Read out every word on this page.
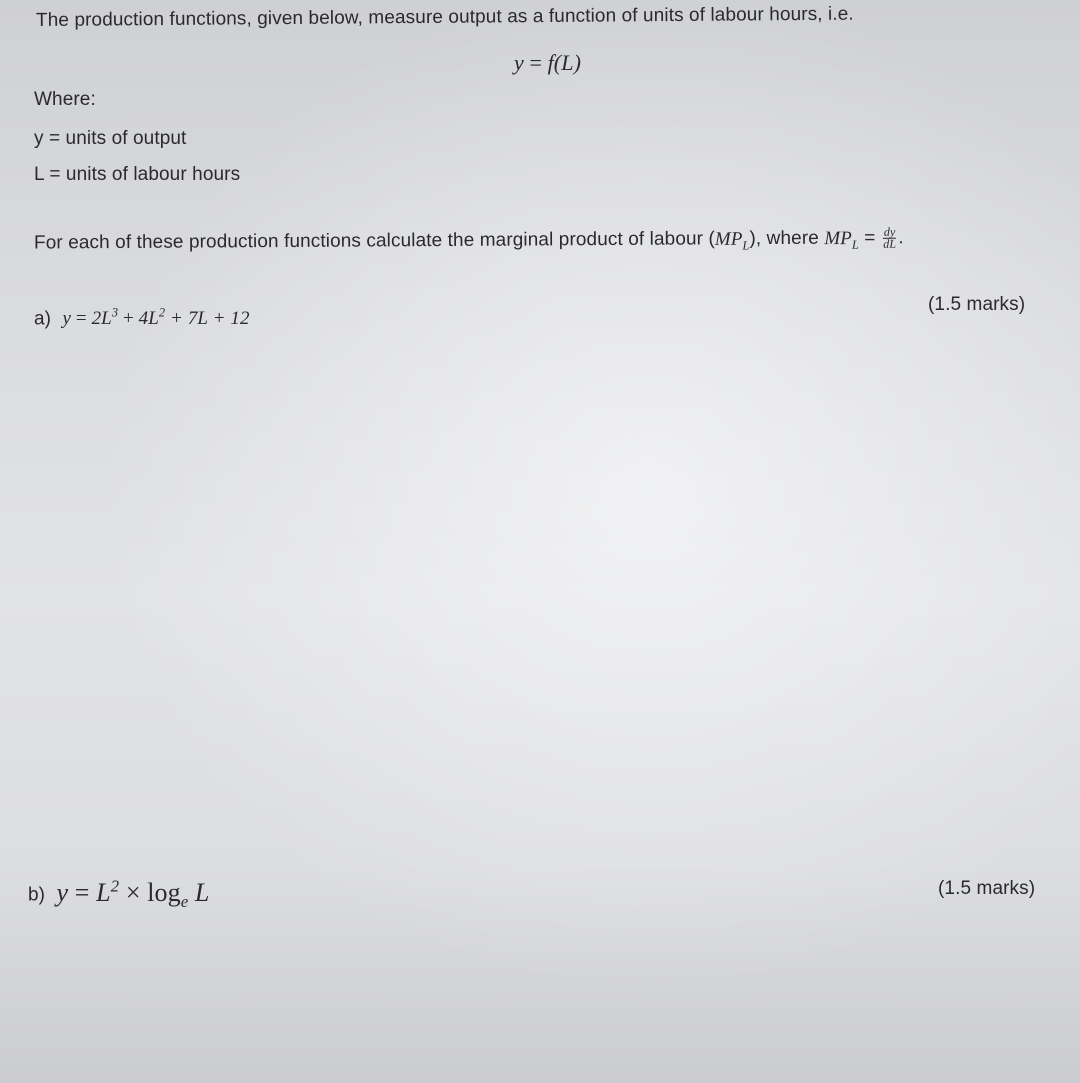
The production functions, given below, measure output as a function of units of labour hours, i.e.
y = f(L)
Where:
y = units of output
L = units of labour hours
For each of these production functions calculate the marginal product of labour $(MP_L)$, where $MP_L = \frac{dy}{dL}$ .
a) $y = 2L^3 + 4L^2 + 7L + 12$
(1.5 marks)
b) $y = L^2 \times \log_e L$	(1.5 marks)
